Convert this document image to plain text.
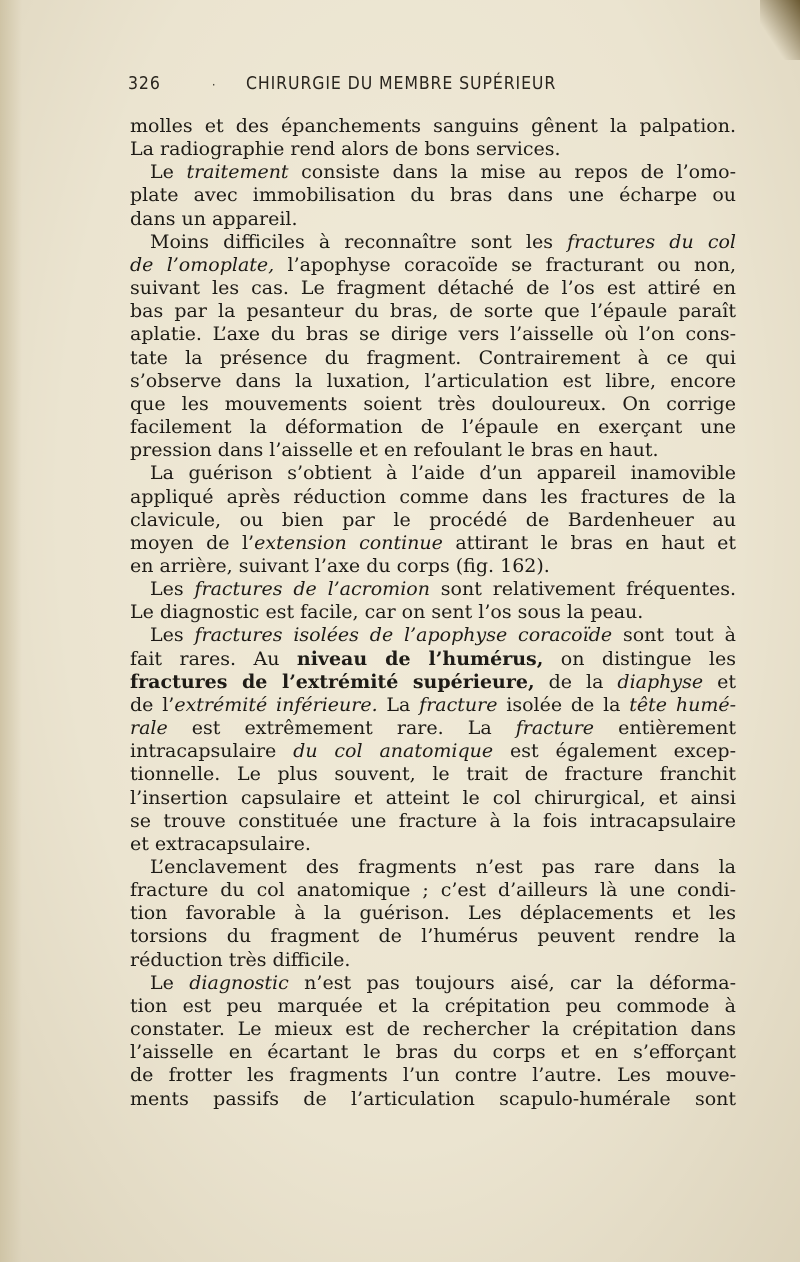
326	·	CHIRURGIE DU MEMBRE SUPÉRIEUR
molles et des épanchements sanguins gênent la palpation.
La radiographie rend alors de bons services.
Le traitement consiste dans la mise au repos de l’omo-
plate avec immobilisation du bras dans une écharpe ou
dans un appareil.
Moins difficiles à reconnaître sont les fractures du col
de l’omoplate, l’apophyse coracoïde se fracturant ou non,
suivant les cas. Le fragment détaché de l’os est attiré en
bas par la pesanteur du bras, de sorte que l’épaule paraît
aplatie. L’axe du bras se dirige vers l’aisselle où l’on cons-
tate la présence du fragment. Contrairement à ce qui
s’observe dans la luxation, l’articulation est libre, encore
que les mouvements soient très douloureux. On corrige
facilement la déformation de l’épaule en exerçant une
pression dans l’aisselle et en refoulant le bras en haut.
La guérison s’obtient à l’aide d’un appareil inamovible
appliqué après réduction comme dans les fractures de la
clavicule, ou bien par le procédé de Bardenheuer au
moyen de l’extension continue attirant le bras en haut et
en arrière, suivant l’axe du corps (fig. 162).
Les fractures de l’acromion sont relativement fréquentes.
Le diagnostic est facile, car on sent l’os sous la peau.
Les fractures isolées de l’apophyse coracoïde sont tout à
fait rares. Au niveau de l’humérus, on distingue les
fractures de l’extrémité supérieure, de la diaphyse et
de l’extrémité inférieure. La fracture isolée de la tête humé-
rale est extrêmement rare. La fracture entièrement
intracapsulaire du col anatomique est également excep-
tionnelle. Le plus souvent, le trait de fracture franchit
l’insertion capsulaire et atteint le col chirurgical, et ainsi
se trouve constituée une fracture à la fois intracapsulaire
et extracapsulaire.
L’enclavement des fragments n’est pas rare dans la
fracture du col anatomique ; c’est d’ailleurs là une condi-
tion favorable à la guérison. Les déplacements et les
torsions du fragment de l’humérus peuvent rendre la
réduction très difficile.
Le diagnostic n’est pas toujours aisé, car la déforma-
tion est peu marquée et la crépitation peu commode à
constater. Le mieux est de rechercher la crépitation dans
l’aisselle en écartant le bras du corps et en s’efforçant
de frotter les fragments l’un contre l’autre. Les mouve-
ments passifs de l’articulation scapulo-humérale sont
